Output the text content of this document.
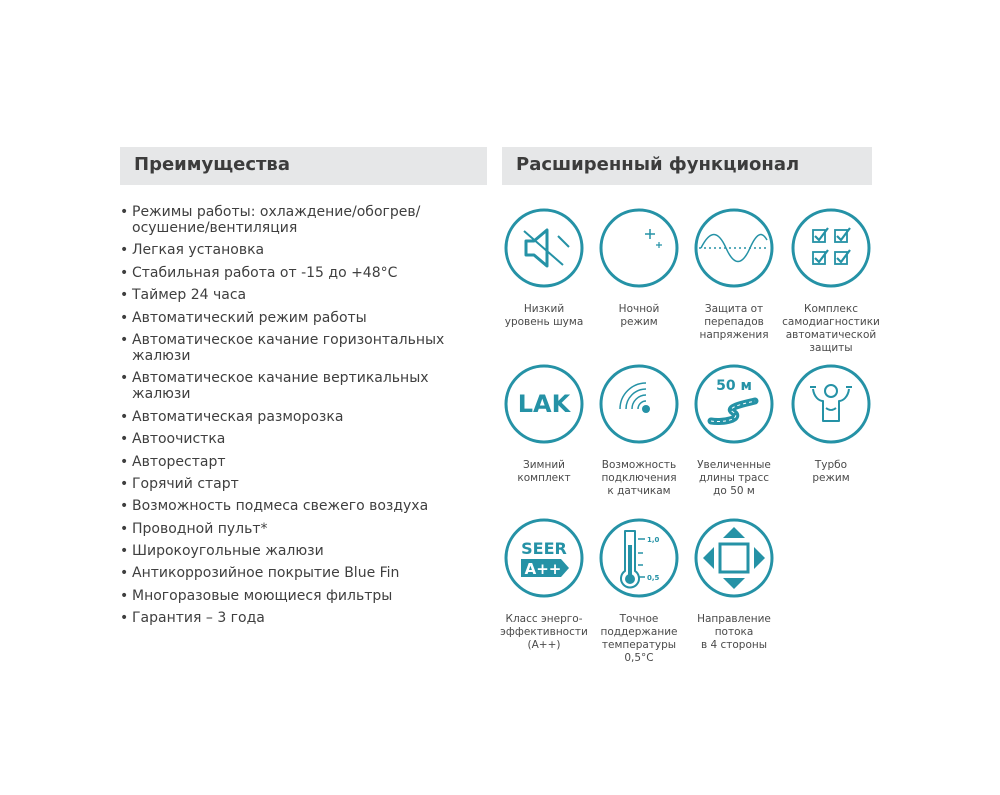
Преимущества	Расширенный функционал
• Режимы работы: охлаждение/обогрев/ осушение/вентиляция
• Легкая установка
• Стабильная работа от -15 до +48°С
• Таймер 24 часа
• Автоматический режим работы
• Автоматическое качание горизонтальных жалюзи
• Автоматическое качание вертикальных жалюзи
• Автоматическая разморозка
• Автоочистка
• Авторестарт
• Горячий старт
• Возможность подмеса свежего воздуха
• Проводной пульт*
• Широкоугольные жалюзи
• Антикоррозийное покрытие Blue Fin
• Многоразовые моющиеся фильтры
• Гарантия – 3 года
Низкий
уровень шума
Ночной
режим
Защита от
перепадов
напряжения
Комплекс
самодиагностики
автоматической
защиты
LAK
Зимний
комплект
Возможность
подключения
к датчикам
50 м
Увеличенные
длины трасс
до 50 м
Турбо
режим
SEER
A++
Класс энерго-
эффективности
(А++)
1,0
0,5
Точное
поддержание
температуры
0,5°С
Направление
потока
в 4 стороны
